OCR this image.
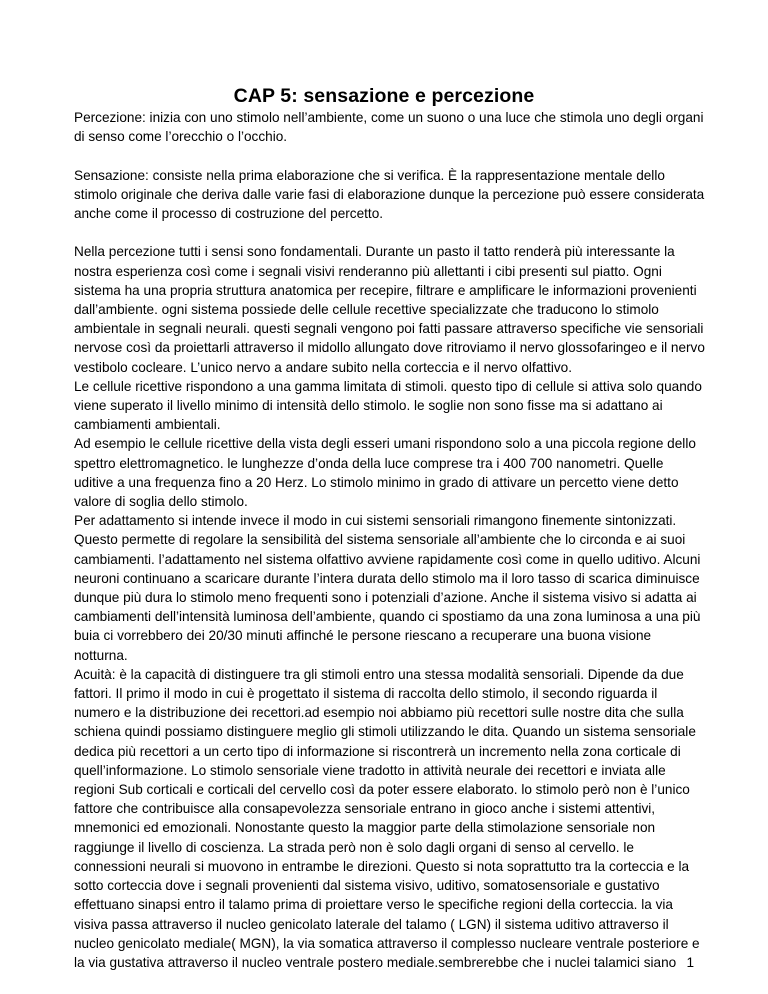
CAP 5: sensazione e percezione

Percezione: inizia con uno stimolo nell’ambiente, come un suono o una luce che stimola uno degli organi di senso come l’orecchio o l’occhio.

Sensazione: consiste nella prima elaborazione che si verifica. È la rappresentazione mentale dello stimolo originale che deriva dalle varie fasi di elaborazione dunque la percezione può essere considerata anche come il processo di costruzione del percetto.

Nella percezione tutti i sensi sono fondamentali. Durante un pasto il tatto renderà più interessante la nostra esperienza così come i segnali visivi renderanno più allettanti i cibi presenti sul piatto. Ogni sistema ha una propria struttura anatomica per recepire, filtrare e amplificare le informazioni provenienti dall’ambiente. ogni sistema possiede delle cellule recettive specializzate che traducono lo stimolo ambientale in segnali neurali. questi segnali vengono poi fatti passare attraverso specifiche vie sensoriali nervose così da proiettarli attraverso il midollo allungato dove ritroviamo il nervo glossofaringeo e il nervo vestibolo cocleare. L’unico nervo a andare subito nella corteccia e il nervo olfattivo.

Le cellule ricettive rispondono a una gamma limitata di stimoli. questo tipo di cellule si attiva solo quando viene superato il livello minimo di intensità dello stimolo. le soglie non sono fisse ma si adattano ai cambiamenti ambientali.

Ad esempio le cellule ricettive della vista degli esseri umani rispondono solo a una piccola regione dello spettro elettromagnetico. le lunghezze d’onda della luce comprese tra i 400 700 nanometri. Quelle uditive a una frequenza fino a 20 Herz. Lo stimolo minimo in grado di attivare un percetto viene detto valore di soglia dello stimolo.

Per adattamento si intende invece il modo in cui sistemi sensoriali rimangono finemente sintonizzati. Questo permette di regolare la sensibilità del sistema sensoriale all’ambiente che lo circonda e ai suoi cambiamenti. l’adattamento nel sistema olfattivo avviene rapidamente così come in quello uditivo. Alcuni neuroni continuano a scaricare durante l’intera durata dello stimolo ma il loro tasso di scarica diminuisce dunque più dura lo stimolo meno frequenti sono i potenziali d’azione. Anche il sistema visivo si adatta ai cambiamenti dell’intensità luminosa dell’ambiente, quando ci spostiamo da una zona luminosa a una più buia ci vorrebbero dei 20/30 minuti affinché le persone riescano a recuperare una buona visione notturna.

Acuità: è la capacità di distinguere tra gli stimoli entro una stessa modalità sensoriali. Dipende da due fattori. Il primo il modo in cui è progettato il sistema di raccolta dello stimolo, il secondo riguarda il numero e la distribuzione dei recettori.ad esempio noi abbiamo più recettori sulle nostre dita che sulla schiena quindi possiamo distinguere meglio gli stimoli utilizzando le dita. Quando un sistema sensoriale dedica più recettori a un certo tipo di informazione si riscontrerà un incremento nella zona corticale di quell’informazione. Lo stimolo sensoriale viene tradotto in attività neurale dei recettori e inviata alle regioni Sub corticali e corticali del cervello così da poter essere elaborato. lo stimolo però non è l’unico fattore che contribuisce alla consapevolezza sensoriale entrano in gioco anche i sistemi attentivi, mnemonici ed emozionali. Nonostante questo la maggior parte della stimolazione sensoriale non raggiunge il livello di coscienza. La strada però non è solo dagli organi di senso al cervello. le connessioni neurali si muovono in entrambe le direzioni. Questo si nota soprattutto tra la corteccia e la sotto corteccia dove i segnali provenienti dal sistema visivo, uditivo, somatosensoriale e gustativo effettuano sinapsi entro il talamo prima di proiettare verso le specifiche regioni della corteccia. la via visiva passa attraverso il nucleo genicolato laterale del talamo ( LGN) il sistema uditivo attraverso il nucleo genicolato mediale( MGN), la via somatica attraverso il complesso nucleare ventrale posteriore e la via gustativa attraverso il nucleo ventrale postero mediale.sembrerebbe che i nuclei talamici siano 1
